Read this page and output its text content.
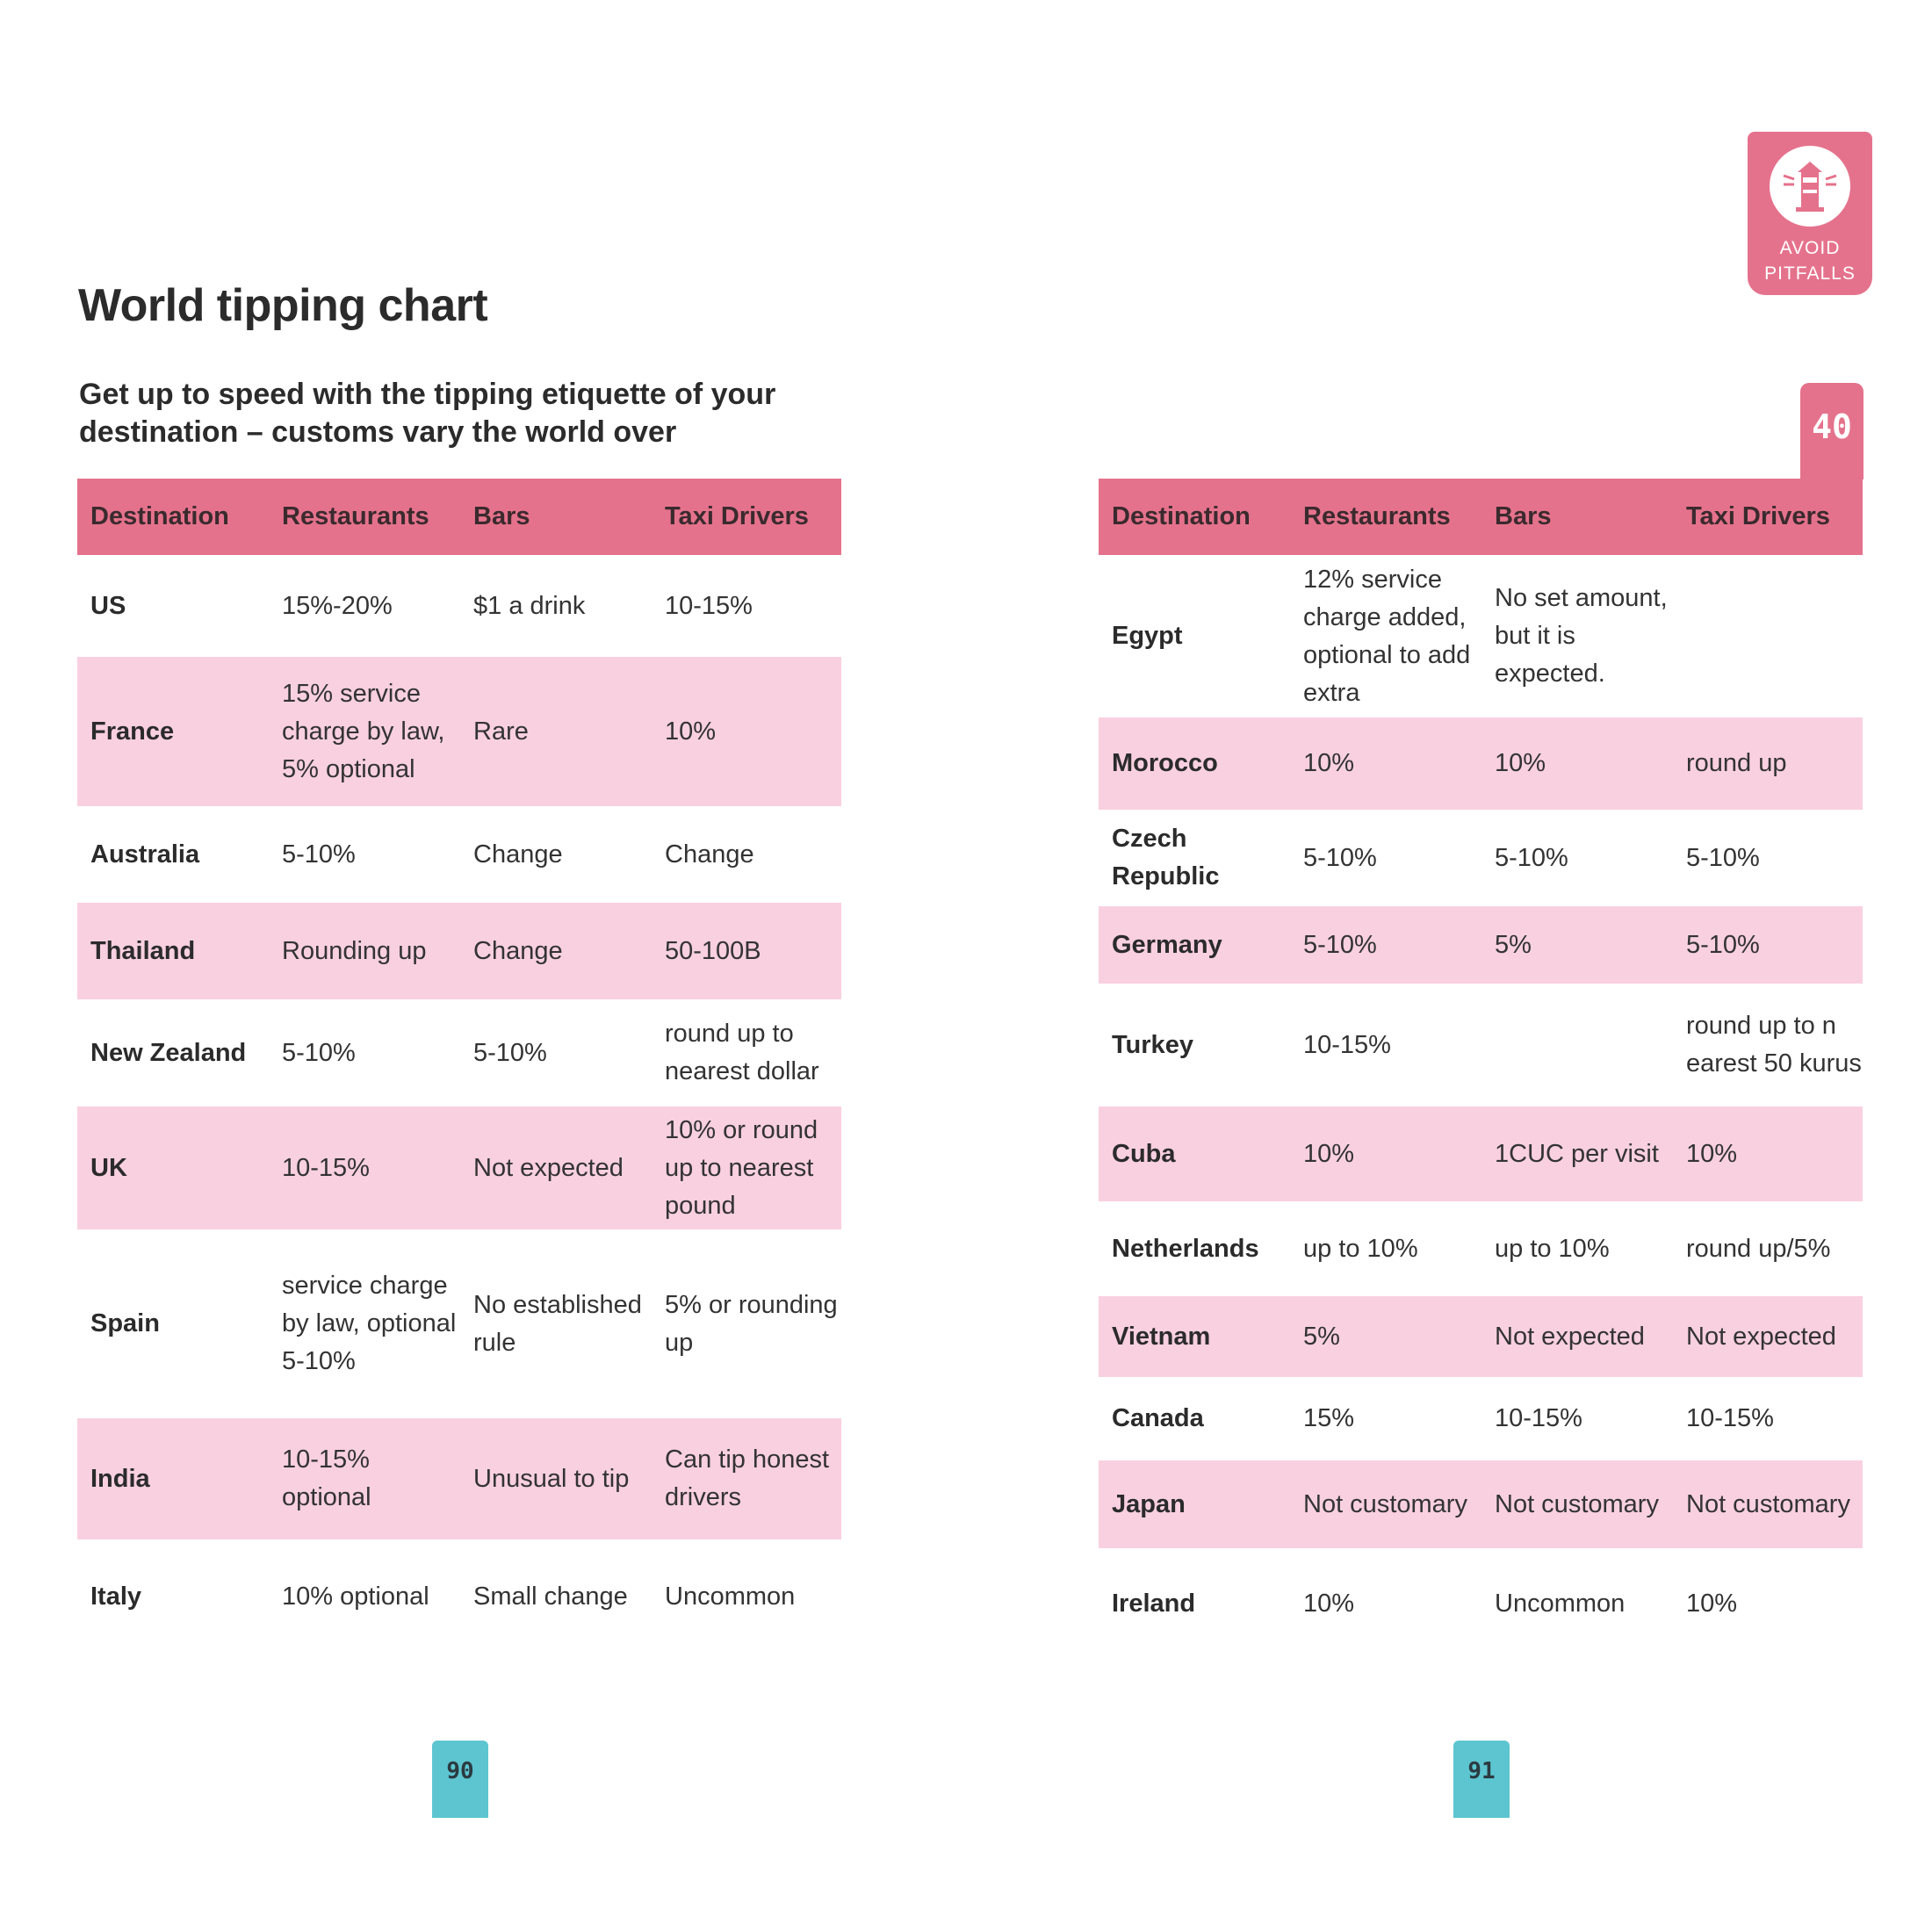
World tipping chart

Get up to speed with the tipping etiquette of your destination – customs vary the world over

Destination	Restaurants	Bars	Taxi Drivers
US	15%-20%	$1 a drink	10-15%
France	15% service charge by law, 5% optional	Rare	10%
Australia	5-10%	Change	Change
Thailand	Rounding up	Change	50-100B
New Zealand	5-10%	5-10%	round up to nearest dollar
UK	10-15%	Not expected	10% or round up to nearest pound
Spain	service charge by law, optional 5-10%	No established rule	5% or rounding up
India	10-15% optional	Unusual to tip	Can tip honest drivers
Italy	10% optional	Small change	Uncommon
Destination	Restaurants	Bars	Taxi Drivers
Egypt	12% service charge added, optional to add extra	No set amount, but it is expected.	
Morocco	10%	10%	round up
Czech Republic	5-10%	5-10%	5-10%
Germany	5-10%	5%	5-10%
Turkey	10-15%		round up to n earest 50 kurus
Cuba	10%	1CUC per visit	10%
Netherlands	up to 10%	up to 10%	round up/5%
Vietnam	5%	Not expected	Not expected
Canada	15%	10-15%	10-15%
Japan	Not customary	Not customary	Not customary
Ireland	10%	Uncommon	10%
AVOID
PITFALLS
40
90	91
